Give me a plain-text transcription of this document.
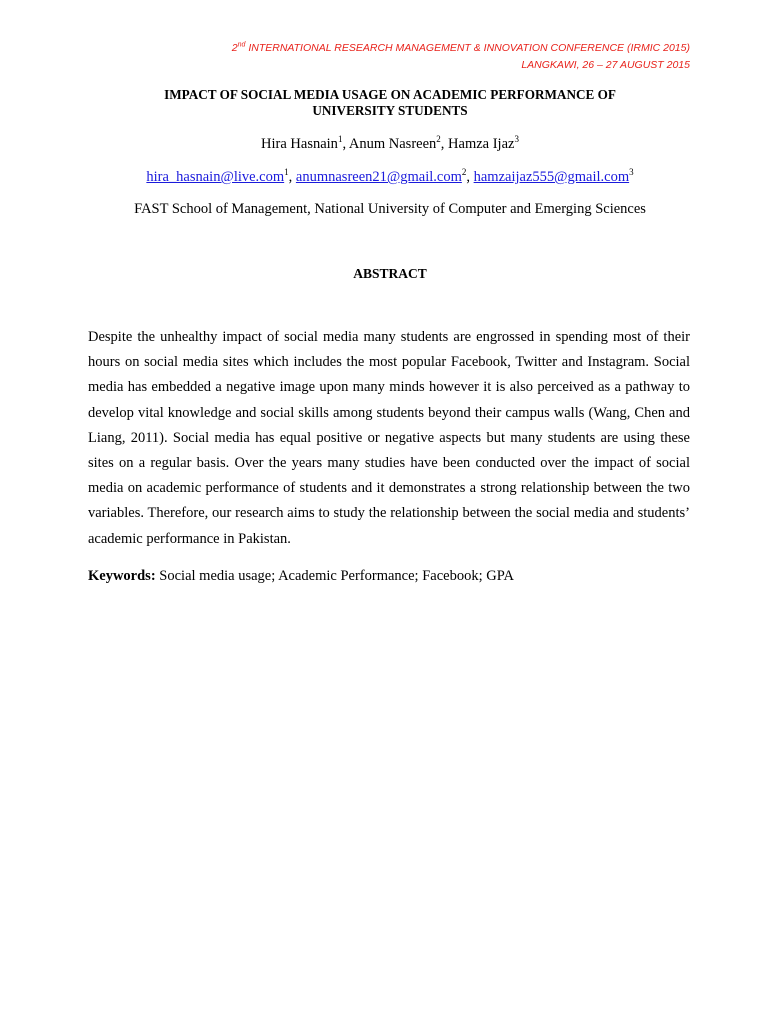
2nd INTERNATIONAL RESEARCH MANAGEMENT & INNOVATION CONFERENCE (IRMIC 2015)
LANGKAWI, 26 – 27 AUGUST 2015
IMPACT OF SOCIAL MEDIA USAGE ON ACADEMIC PERFORMANCE OF
UNIVERSITY STUDENTS
Hira Hasnain$^1$, Anum Nasreen$^2$, Hamza Ijaz$^3$
hira_hasnain@live.com$^1$, anumnasreen21@gmail.com$^2$, hamzaijaz555@gmail.com$^3$
FAST School of Management, National University of Computer and Emerging Sciences
ABSTRACT
Despite the unhealthy impact of social media many students are engrossed in spending most of their hours on social media sites which includes the most popular Facebook, Twitter and Instagram. Social media has embedded a negative image upon many minds however it is also perceived as a pathway to develop vital knowledge and social skills among students beyond their campus walls (Wang, Chen and Liang, 2011). Social media has equal positive or negative aspects but many students are using these sites on a regular basis. Over the years many studies have been conducted over the impact of social media on academic performance of students and it demonstrates a strong relationship between the two variables. Therefore, our research aims to study the relationship between the social media and students’ academic performance in Pakistan.
Keywords: Social media usage; Academic Performance; Facebook; GPA
